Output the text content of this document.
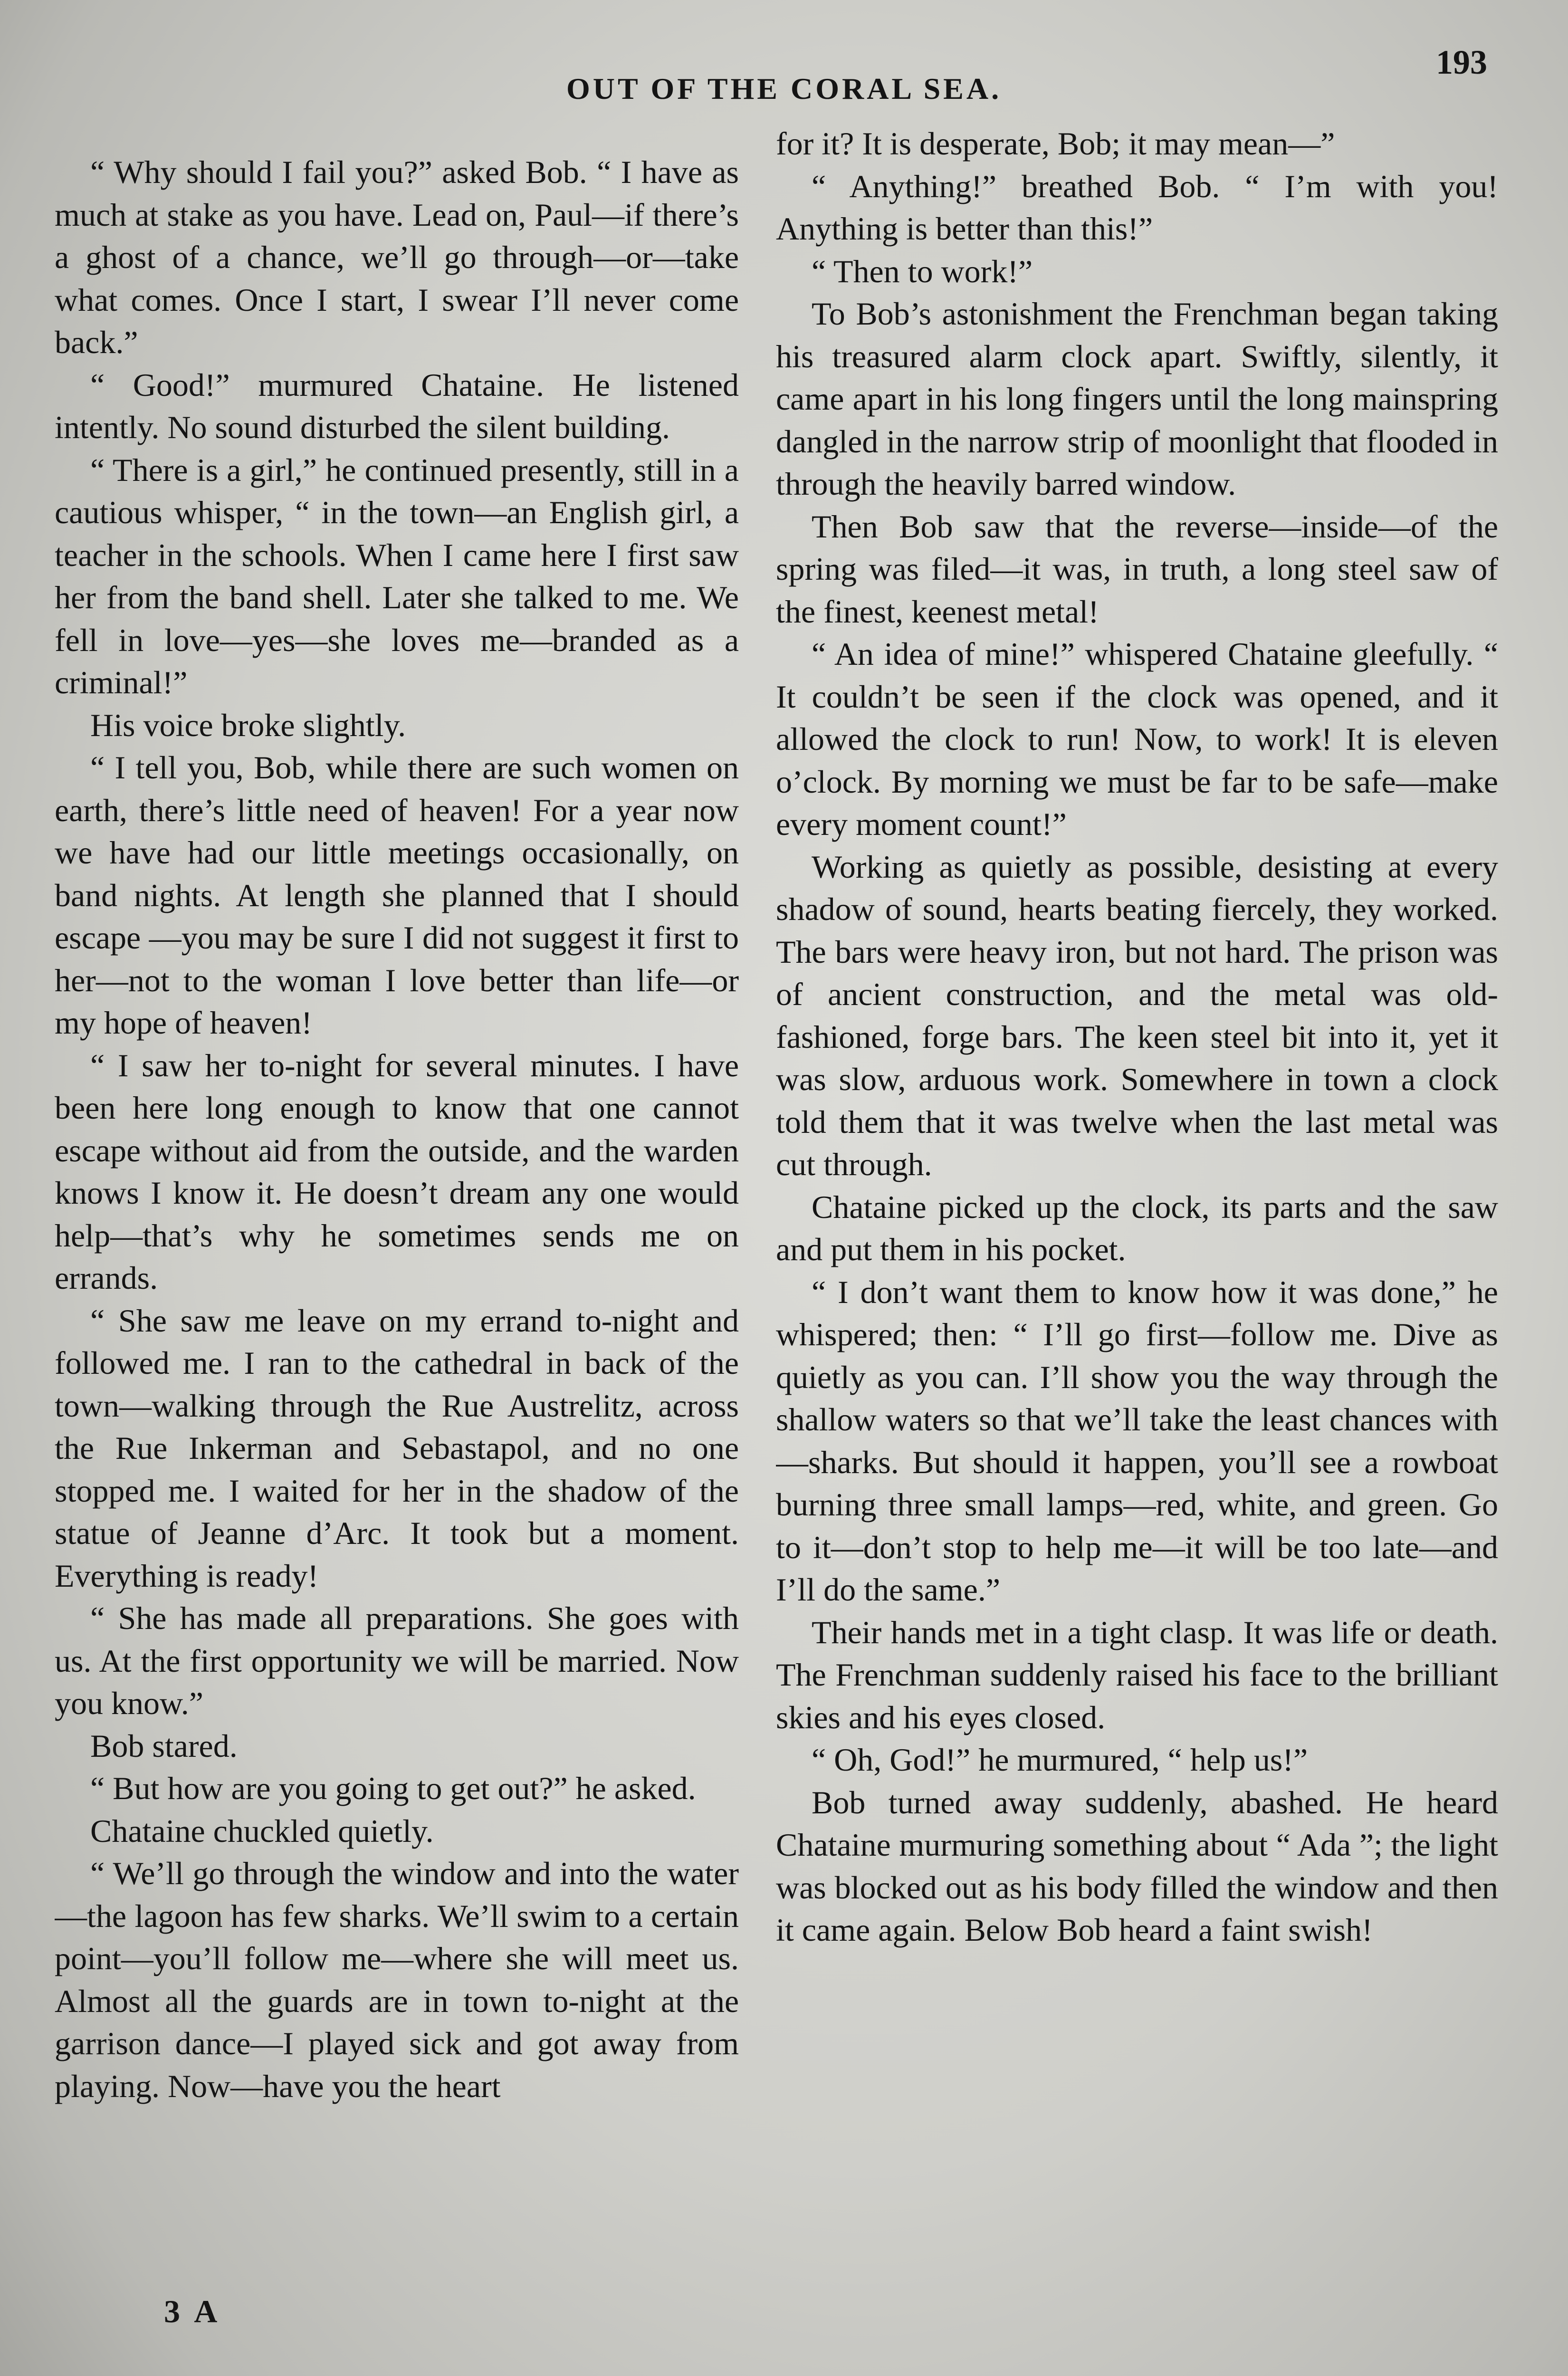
OUT OF THE CORAL SEA.
193

“ Why should I fail you?” asked Bob. “ I have as much at stake as you have. Lead on, Paul—if there’s a ghost of a chance, we’ll go through—or—take what comes. Once I start, I swear I’ll never come back.”

“ Good!” murmured Chataine. He listened intently. No sound disturbed the silent building.

“ There is a girl,” he continued presently, still in a cautious whisper, “ in the town—an English girl, a teacher in the schools. When I came here I first saw her from the band shell. Later she talked to me. We fell in love—yes—she loves me—branded as a criminal!”

His voice broke slightly.

“ I tell you, Bob, while there are such women on earth, there’s little need of heaven! For a year now we have had our little meetings occasionally, on band nights. At length she planned that I should escape —you may be sure I did not suggest it first to her—not to the woman I love better than life—or my hope of heaven!

“ I saw her to-night for several minutes. I have been here long enough to know that one cannot escape without aid from the outside, and the warden knows I know it. He doesn’t dream any one would help—that’s why he sometimes sends me on errands.

“ She saw me leave on my errand to-night and followed me. I ran to the cathedral in back of the town—walking through the Rue Austrelitz, across the Rue Inkerman and Sebastapol, and no one stopped me. I waited for her in the shadow of the statue of Jeanne d’Arc. It took but a moment. Everything is ready!

“ She has made all preparations. She goes with us. At the first opportunity we will be married. Now you know.”

Bob stared.

“ But how are you going to get out?” he asked.

Chataine chuckled quietly.

“ We’ll go through the window and into the water—the lagoon has few sharks. We’ll swim to a certain point—you’ll follow me—where she will meet us. Almost all the guards are in town to-night at the garrison dance—I played sick and got away from playing. Now—have you the heart

for it? It is desperate, Bob; it may mean—”

“ Anything!” breathed Bob. “ I’m with you! Anything is better than this!”

“ Then to work!”

To Bob’s astonishment the Frenchman began taking his treasured alarm clock apart. Swiftly, silently, it came apart in his long fingers until the long mainspring dangled in the narrow strip of moonlight that flooded in through the heavily barred window.

Then Bob saw that the reverse—inside—of the spring was filed—it was, in truth, a long steel saw of the finest, keenest metal!

“ An idea of mine!” whispered Chataine gleefully. “ It couldn’t be seen if the clock was opened, and it allowed the clock to run! Now, to work! It is eleven o’clock. By morning we must be far to be safe—make every moment count!”

Working as quietly as possible, desisting at every shadow of sound, hearts beating fiercely, they worked. The bars were heavy iron, but not hard. The prison was of ancient construction, and the metal was old-fashioned, forge bars. The keen steel bit into it, yet it was slow, arduous work. Somewhere in town a clock told them that it was twelve when the last metal was cut through.

Chataine picked up the clock, its parts and the saw and put them in his pocket.

“ I don’t want them to know how it was done,” he whispered; then: “ I’ll go first—follow me. Dive as quietly as you can. I’ll show you the way through the shallow waters so that we’ll take the least chances with—sharks. But should it happen, you’ll see a rowboat burning three small lamps—red, white, and green. Go to it—don’t stop to help me—it will be too late—and I’ll do the same.”

Their hands met in a tight clasp. It was life or death. The Frenchman suddenly raised his face to the brilliant skies and his eyes closed.

“ Oh, God!” he murmured, “ help us!”

Bob turned away suddenly, abashed. He heard Chataine murmuring something about “ Ada ”; the light was blocked out as his body filled the window and then it came again. Below Bob heard a faint swish!

3 A
